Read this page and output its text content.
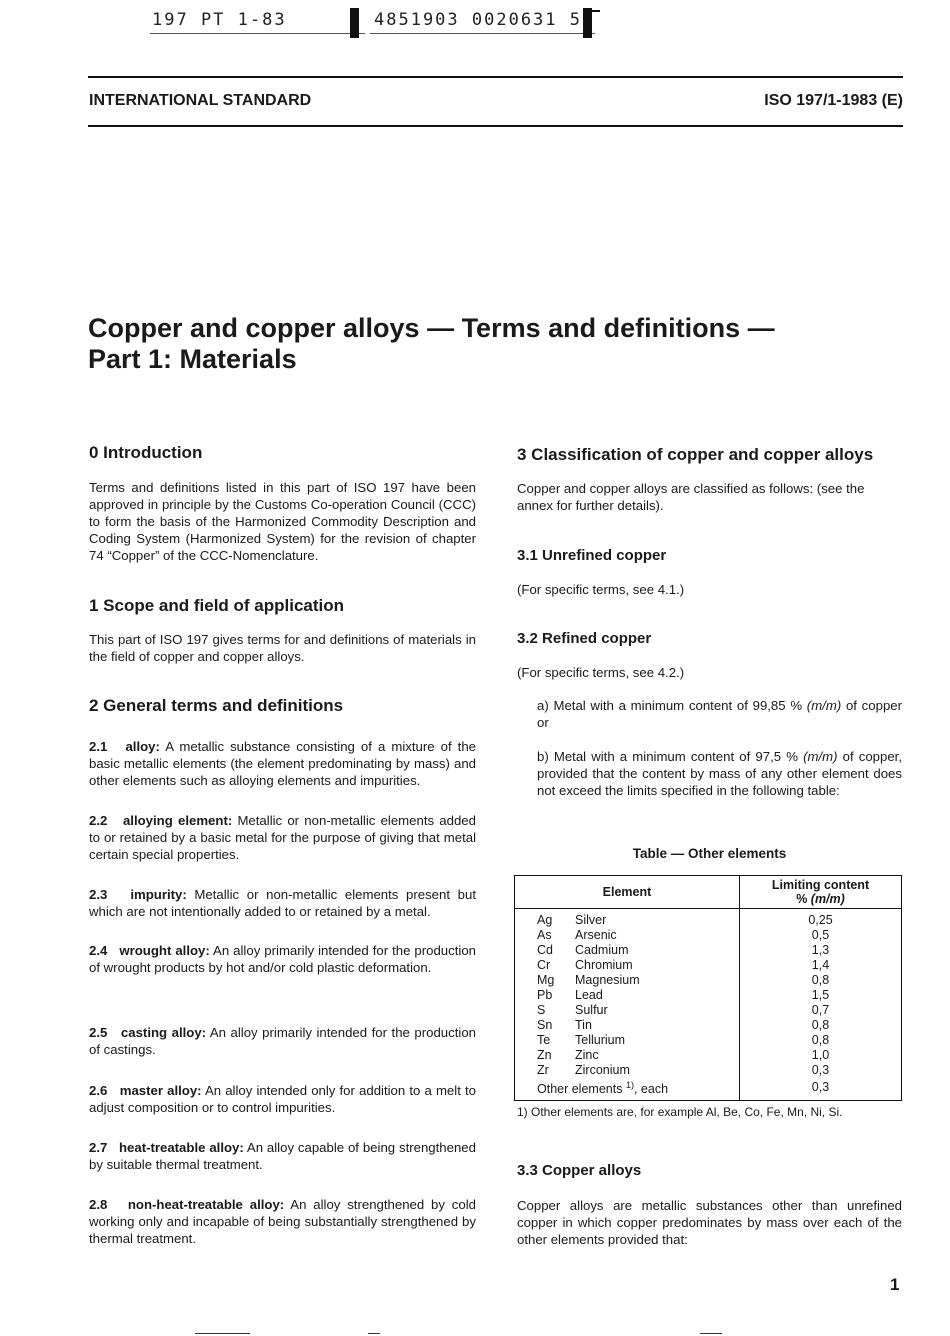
197 PT 1-83	4851903 0020631 5
INTERNATIONAL STANDARD	ISO 197/1-1983 (E)
Copper and copper alloys — Terms and definitions —
Part 1: Materials
0 Introduction
Terms and definitions listed in this part of ISO 197 have been approved in principle by the Customs Co-operation Council (CCC) to form the basis of the Harmonized Commodity Description and Coding System (Harmonized System) for the revision of chapter 74 “Copper” of the CCC-Nomenclature.
1 Scope and field of application
This part of ISO 197 gives terms for and definitions of materials in the field of copper and copper alloys.
2 General terms and definitions
2.1 alloy: A metallic substance consisting of a mixture of the basic metallic elements (the element predominating by mass) and other elements such as alloying elements and impurities.
2.2 alloying element: Metallic or non-metallic elements added to or retained by a basic metal for the purpose of giving that metal certain special properties.
2.3 impurity: Metallic or non-metallic elements present but which are not intentionally added to or retained by a metal.
2.4 wrought alloy: An alloy primarily intended for the production of wrought products by hot and/or cold plastic deformation.
2.5 casting alloy: An alloy primarily intended for the production of castings.
2.6 master alloy: An alloy intended only for addition to a melt to adjust composition or to control impurities.
2.7 heat-treatable alloy: An alloy capable of being strengthened by suitable thermal treatment.
2.8 non-heat-treatable alloy: An alloy strengthened by cold working only and incapable of being substantially strengthened by thermal treatment.
3 Classification of copper and copper alloys
Copper and copper alloys are classified as follows: (see the annex for further details).
3.1 Unrefined copper
(For specific terms, see 4.1.)
3.2 Refined copper
(For specific terms, see 4.2.)
a) Metal with a minimum content of 99,85 % (m/m) of copper or
b) Metal with a minimum content of 97,5 % (m/m) of copper, provided that the content by mass of any other element does not exceed the limits specified in the following table:
Table — Other elements
Element	Limiting content
% (m/m)
Ag Silver	0,25
As Arsenic	0,5
Cd Cadmium	1,3
Cr Chromium	1,4
Mg Magnesium	0,8
Pb Lead	1,5
S Sulfur	0,7
Sn Tin	0,8
Te Tellurium	0,8
Zn Zinc	1,0
Zr Zirconium	0,3
Other elements $^{1)}$, each	0,3
1) Other elements are, for example Al, Be, Co, Fe, Mn, Ni, Si.
3.3 Copper alloys
Copper alloys are metallic substances other than unrefined copper in which copper predominates by mass over each of the other elements provided that:
1
